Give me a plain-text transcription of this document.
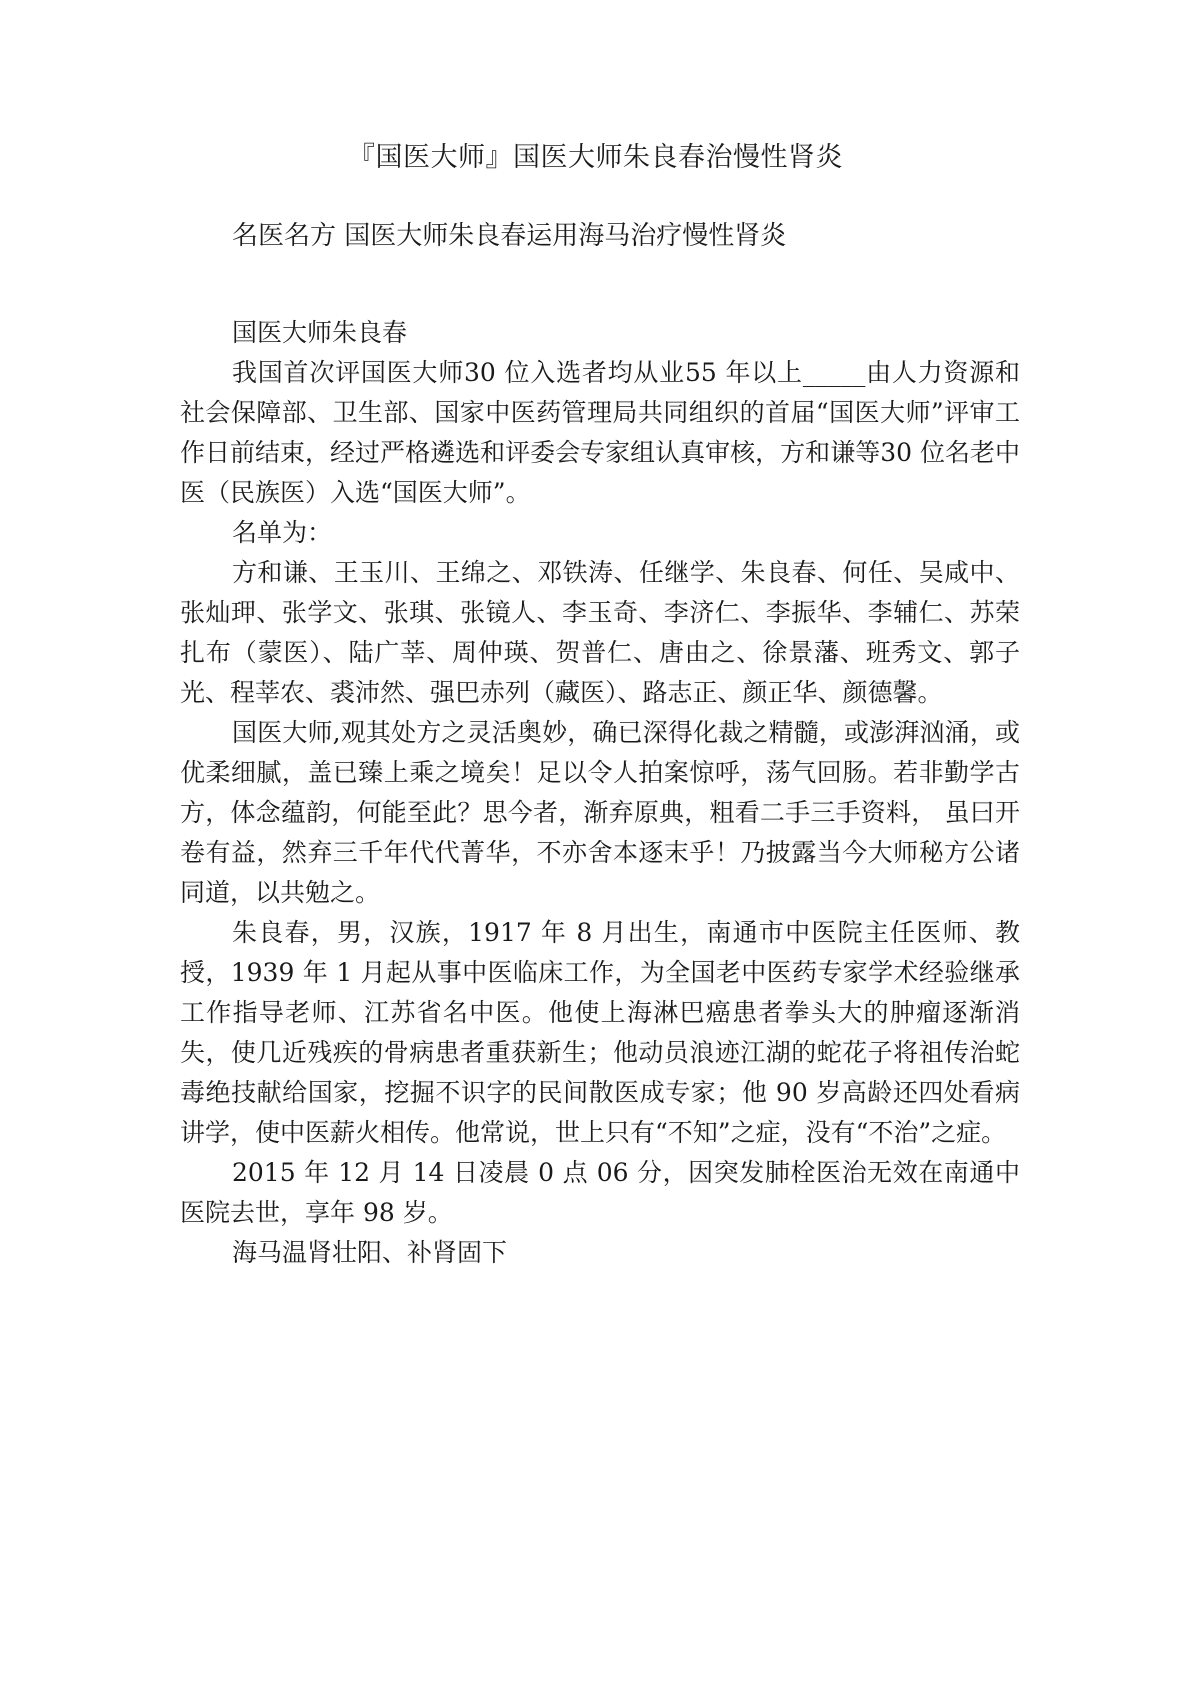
『国医大师』国医大师朱良春治慢性肾炎
名医名方 国医大师朱良春运用海马治疗慢性肾炎

国医大师朱良春

我国首次评国医大师30 位入选者均从业55 年以上_____由人力资源和社会保障部、卫生部、国家中医药管理局共同组织的首届“国医大师”评审工作日前结束，经过严格遴选和评委会专家组认真审核，方和谦等30 位名老中医（民族医）入选“国医大师”。

名单为：

方和谦、王玉川、王绵之、邓铁涛、任继学、朱良春、何任、吴咸中、张灿玾、张学文、张琪、张镜人、李玉奇、李济仁、李振华、李辅仁、苏荣扎布（蒙医）、陆广莘、周仲瑛、贺普仁、唐由之、徐景藩、班秀文、郭子光、程莘农、裘沛然、强巴赤列（藏医）、路志正、颜正华、颜德馨。

国医大师,观其处方之灵活奥妙，确已深得化裁之精髓，或澎湃汹涌，或优柔细腻，盖已臻上乘之境矣！足以令人拍案惊呼，荡气回肠。若非勤学古方，体念蕴韵，何能至此？思今者，渐弃原典，粗看二手三手资料， 虽曰开卷有益，然弃三千年代代菁华，不亦舍本逐末乎！乃披露当今大师秘方公诸同道，以共勉之。

朱良春，男，汉族，1917 年 8 月出生，南通市中医院主任医师、教授，1939 年 1 月起从事中医临床工作，为全国老中医药专家学术经验继承工作指导老师、江苏省名中医。他使上海淋巴癌患者拳头大的肿瘤逐渐消失，使几近残疾的骨病患者重获新生；他动员浪迹江湖的蛇花子将祖传治蛇毒绝技献给国家，挖掘不识字的民间散医成专家；他 90 岁高龄还四处看病讲学，使中医薪火相传。他常说，世上只有“不知”之症，没有“不治”之症。

2015 年 12 月 14 日凌晨 0 点 06 分，因突发肺栓医治无效在南通中医院去世，享年 98 岁。

海马温肾壮阳、补肾固下
